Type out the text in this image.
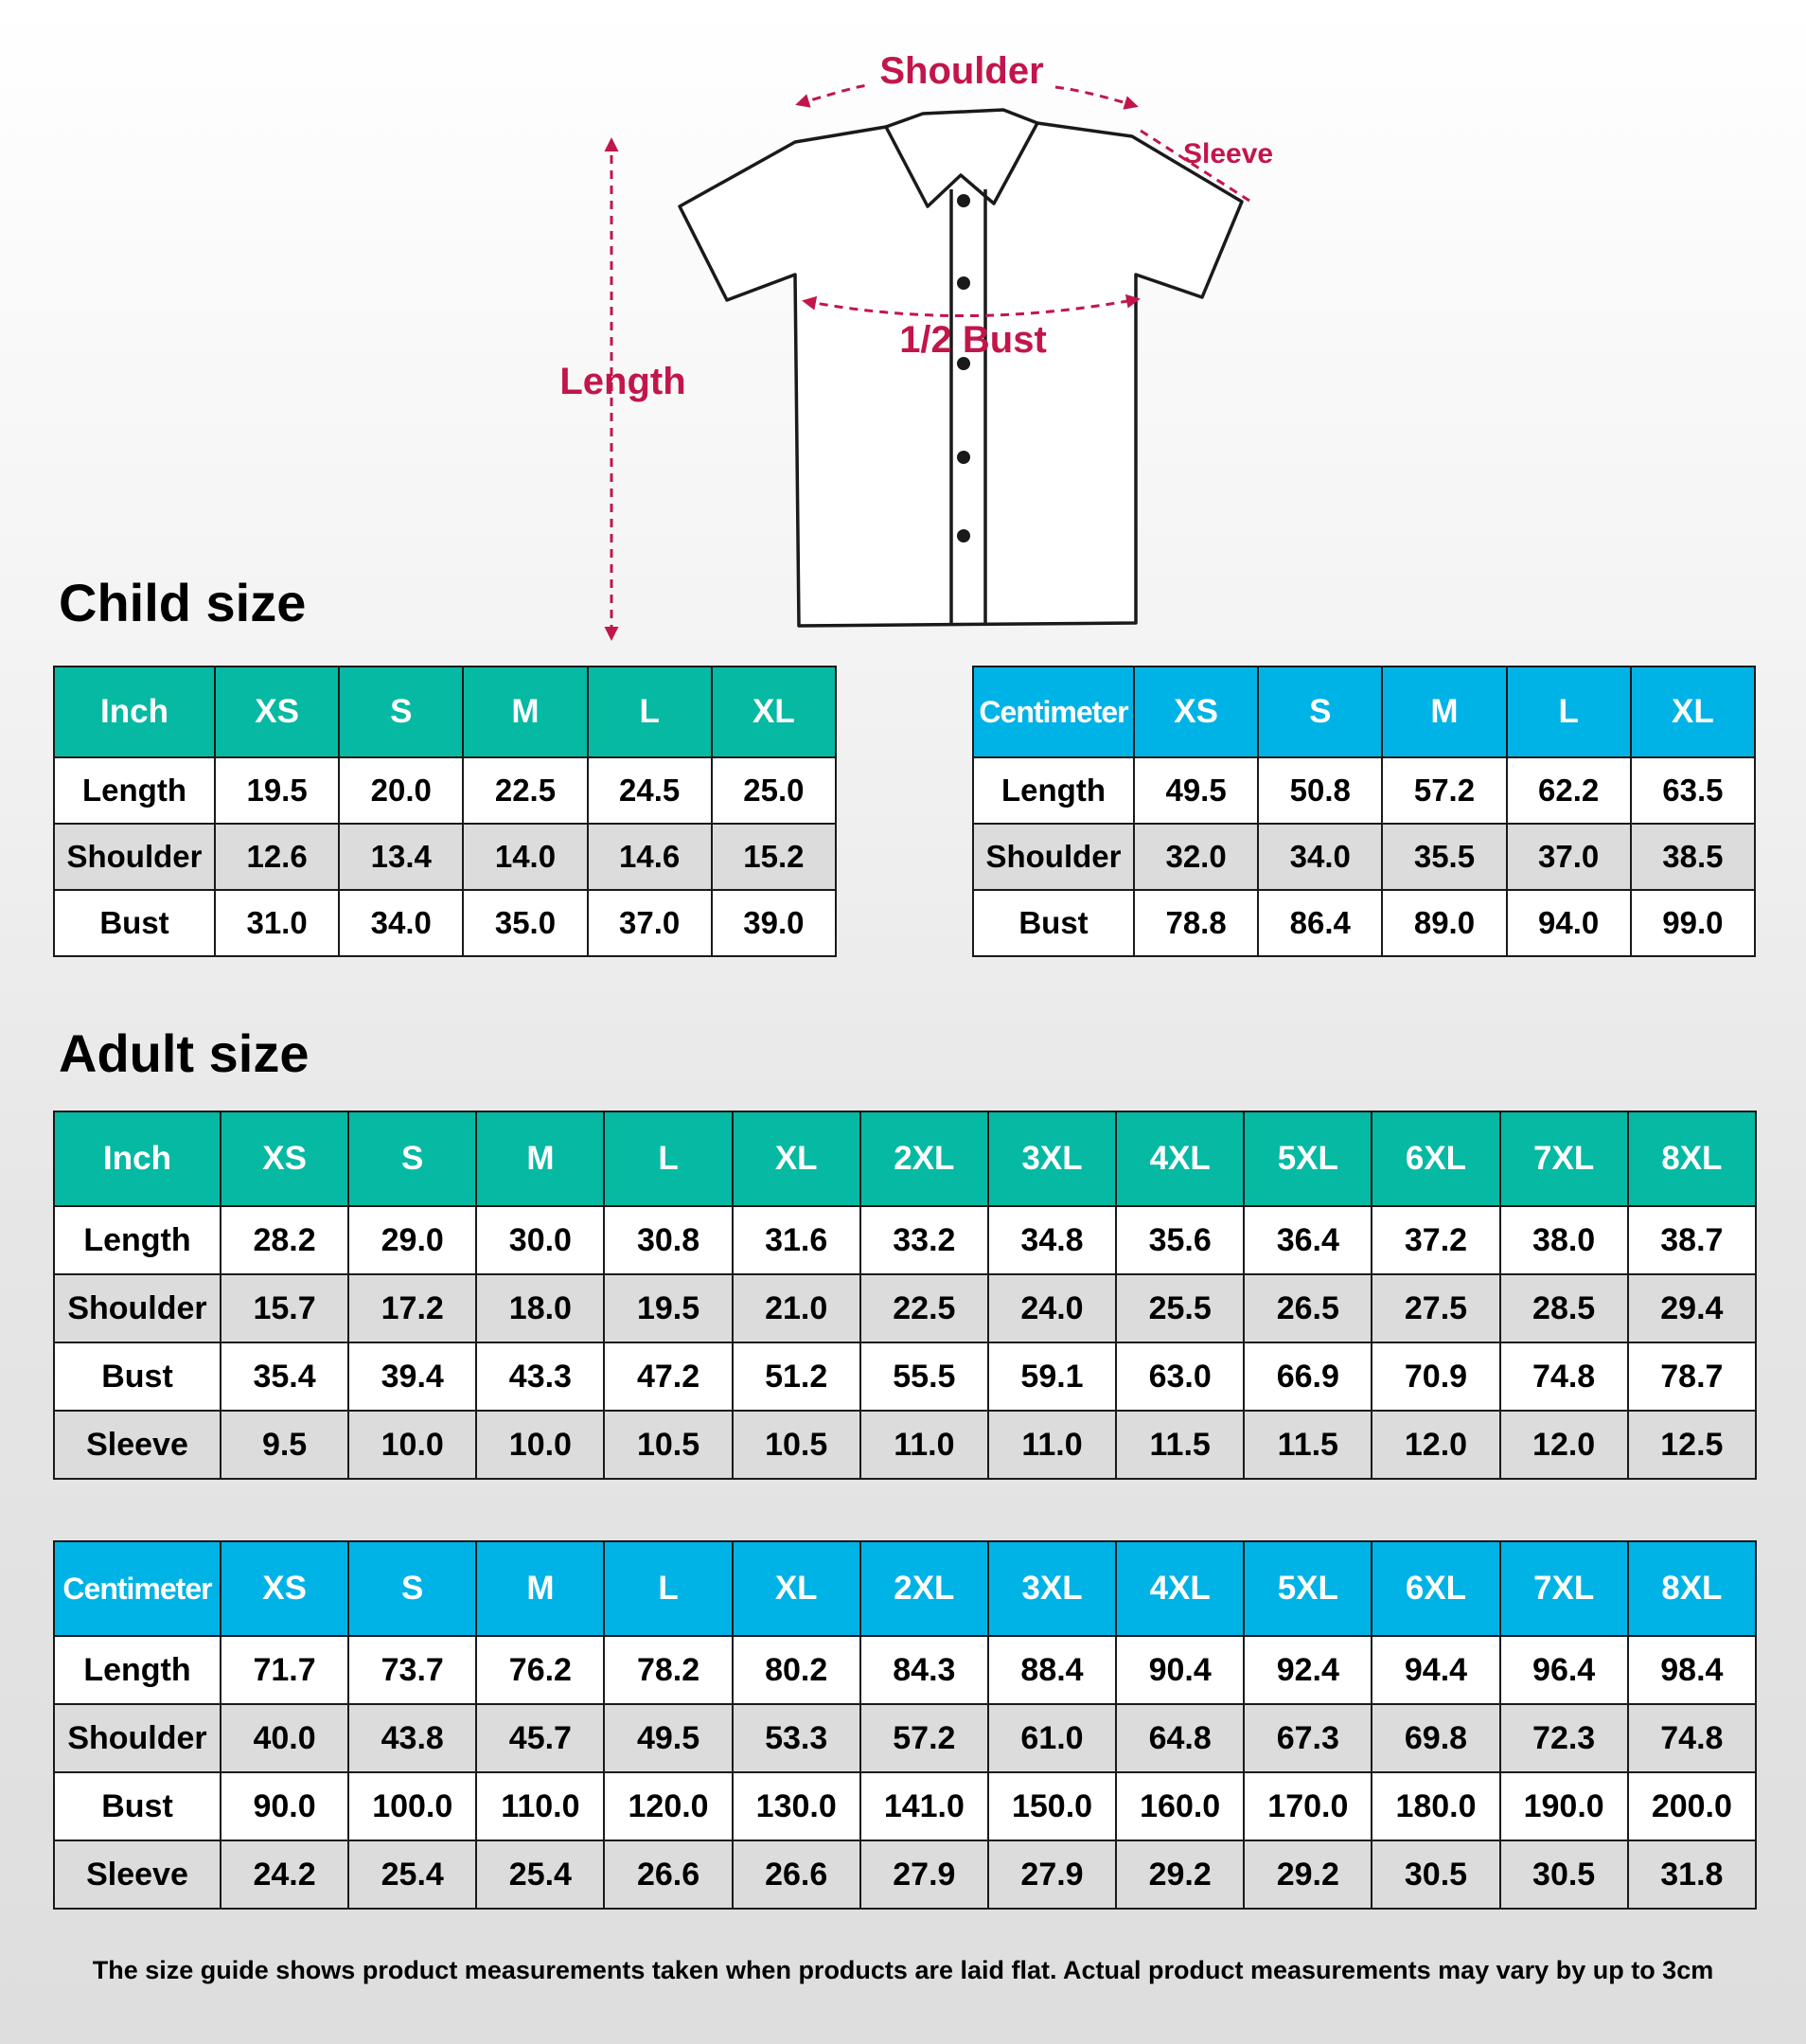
Shoulder
Sleeve
1/2 Bust
Length
Child size
Inch	XS	S	M	L	XL
Length	19.5	20.0	22.5	24.5	25.0
Shoulder	12.6	13.4	14.0	14.6	15.2
Bust	31.0	34.0	35.0	37.0	39.0
Centimeter	XS	S	M	L	XL
Length	49.5	50.8	57.2	62.2	63.5
Shoulder	32.0	34.0	35.5	37.0	38.5
Bust	78.8	86.4	89.0	94.0	99.0
Adult size
Inch	XS	S	M	L	XL	2XL	3XL	4XL	5XL	6XL	7XL	8XL
Length	28.2	29.0	30.0	30.8	31.6	33.2	34.8	35.6	36.4	37.2	38.0	38.7
Shoulder	15.7	17.2	18.0	19.5	21.0	22.5	24.0	25.5	26.5	27.5	28.5	29.4
Bust	35.4	39.4	43.3	47.2	51.2	55.5	59.1	63.0	66.9	70.9	74.8	78.7
Sleeve	9.5	10.0	10.0	10.5	10.5	11.0	11.0	11.5	11.5	12.0	12.0	12.5
Centimeter	XS	S	M	L	XL	2XL	3XL	4XL	5XL	6XL	7XL	8XL
Length	71.7	73.7	76.2	78.2	80.2	84.3	88.4	90.4	92.4	94.4	96.4	98.4
Shoulder	40.0	43.8	45.7	49.5	53.3	57.2	61.0	64.8	67.3	69.8	72.3	74.8
Bust	90.0	100.0	110.0	120.0	130.0	141.0	150.0	160.0	170.0	180.0	190.0	200.0
Sleeve	24.2	25.4	25.4	26.6	26.6	27.9	27.9	29.2	29.2	30.5	30.5	31.8

The size guide shows product measurements taken when products are laid flat. Actual product measurements may vary by up to 3cm
